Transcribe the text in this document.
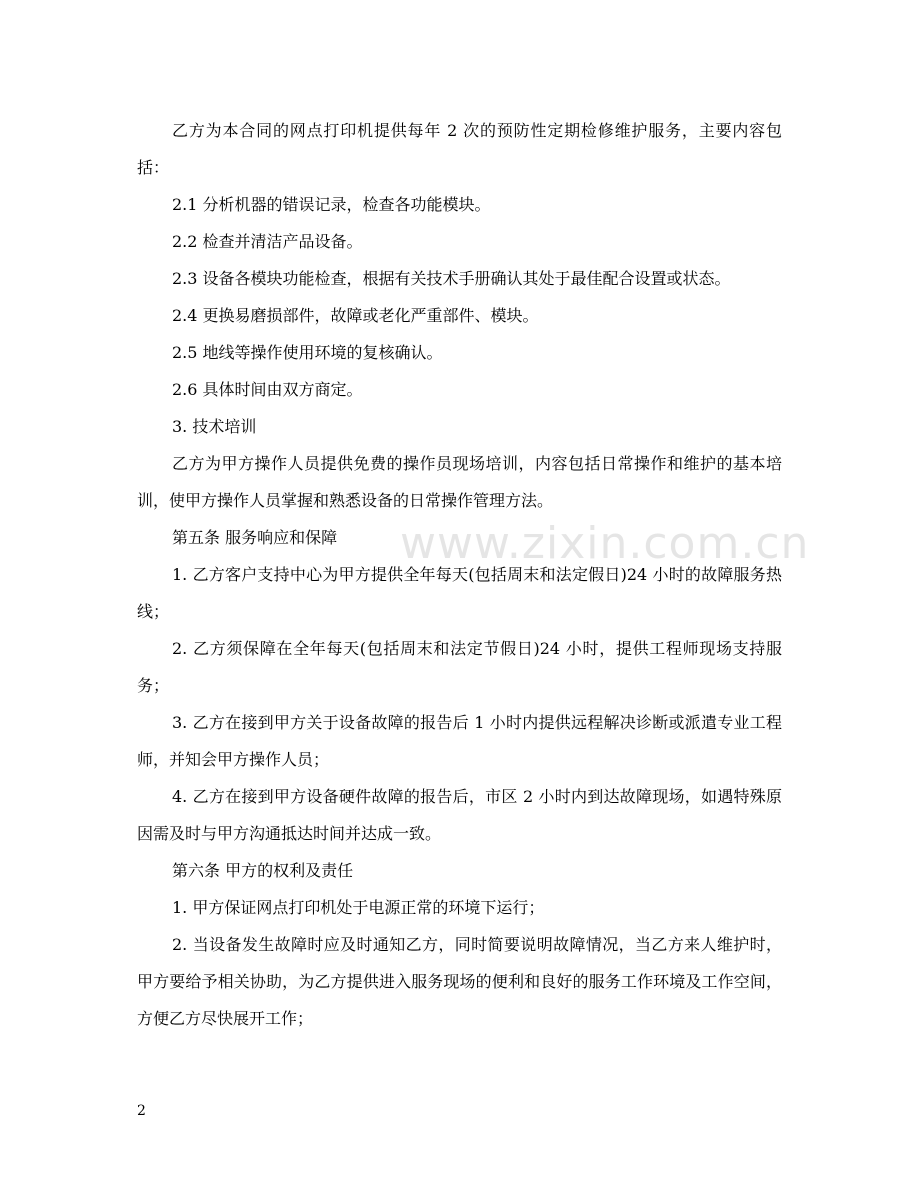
www.zixin.com.cn

乙方为本合同的网点打印机提供每年 2 次的预防性定期检修维护服务，主要内容包括：

2.1 分析机器的错误记录，检查各功能模块。

2.2 检查并清洁产品设备。

2.3 设备各模块功能检查，根据有关技术手册确认其处于最佳配合设置或状态。

2.4 更换易磨损部件，故障或老化严重部件、模块。

2.5 地线等操作使用环境的复核确认。

2.6 具体时间由双方商定。

3. 技术培训

乙方为甲方操作人员提供免费的操作员现场培训，内容包括日常操作和维护的基本培训，使甲方操作人员掌握和熟悉设备的日常操作管理方法。

第五条 服务响应和保障

1. 乙方客户支持中心为甲方提供全年每天(包括周末和法定假日)24 小时的故障服务热线；

2. 乙方须保障在全年每天(包括周末和法定节假日)24 小时，提供工程师现场支持服务；

3. 乙方在接到甲方关于设备故障的报告后 1 小时内提供远程解决诊断或派遣专业工程师，并知会甲方操作人员；

4. 乙方在接到甲方设备硬件故障的报告后，市区 2 小时内到达故障现场，如遇特殊原因需及时与甲方沟通抵达时间并达成一致。

第六条 甲方的权利及责任

1. 甲方保证网点打印机处于电源正常的环境下运行；

2. 当设备发生故障时应及时通知乙方，同时简要说明故障情况，当乙方来人维护时，甲方要给予相关协助，为乙方提供进入服务现场的便利和良好的服务工作环境及工作空间，方便乙方尽快展开工作；

2
